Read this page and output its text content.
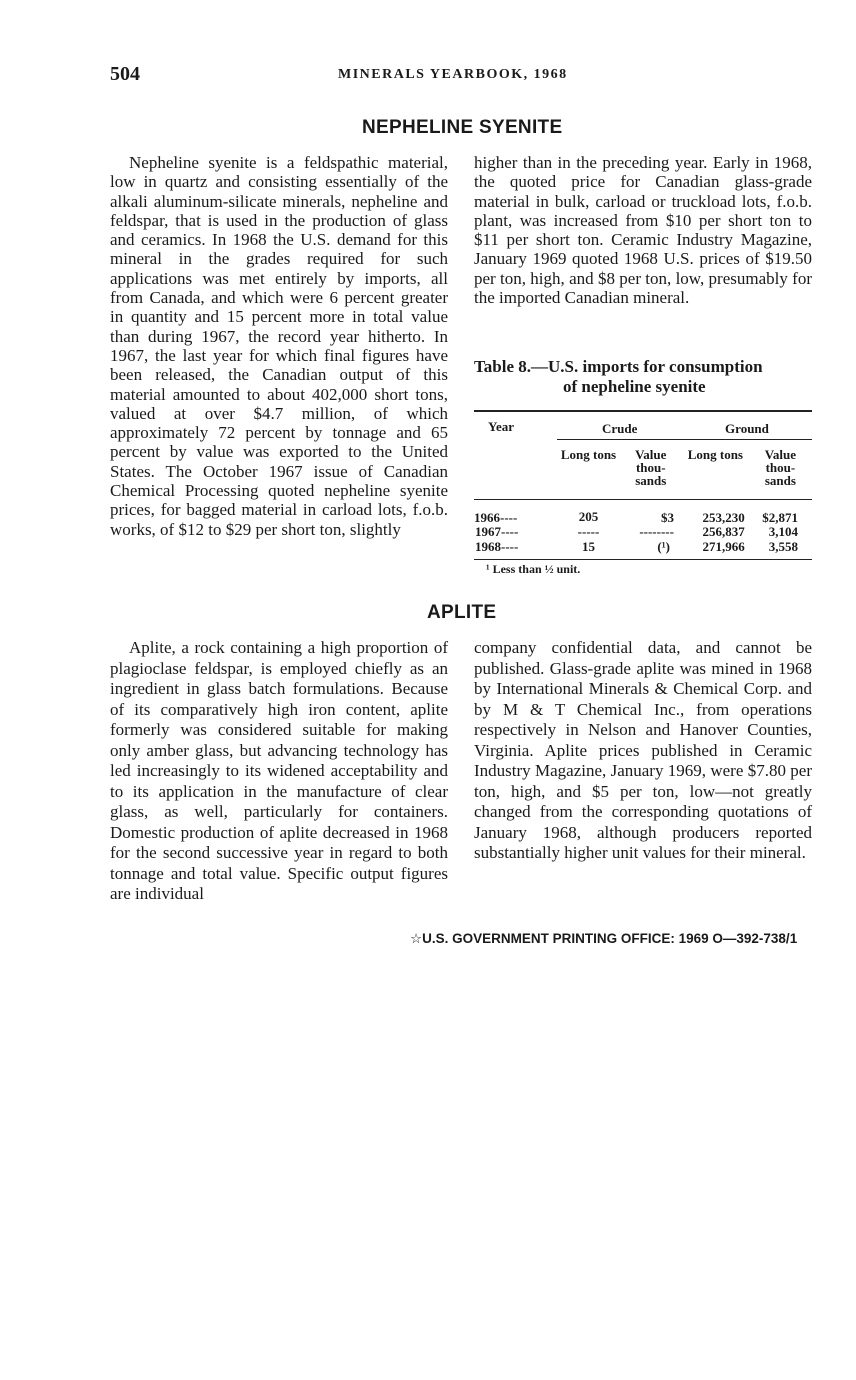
504	MINERALS YEARBOOK, 1968
NEPHELINE SYENITE

Nepheline syenite is a feldspathic material, low in quartz and consisting essentially of the alkali aluminum-silicate minerals, nepheline and feldspar, that is used in the production of glass and ceramics. In 1968 the U.S. demand for this mineral in the grades required for such applications was met entirely by imports, all from Canada, and which were 6 percent greater in quantity and 15 percent more in total value than during 1967, the record year hitherto. In 1967, the last year for which final figures have been released, the Canadian output of this material amounted to about 402,000 short tons, valued at over $4.7 million, of which approximately 72 percent by tonnage and 65 percent by value was exported to the United States. The October 1967 issue of Canadian Chemical Processing quoted nepheline syenite prices, for bagged material in carload lots, f.o.b. works, of $12 to $29 per short ton, slightly

higher than in the preceding year. Early in 1968, the quoted price for Canadian glass-grade material in bulk, carload or truckload lots, f.o.b. plant, was increased from $10 per short ton to $11 per short ton. Ceramic Industry Magazine, January 1969 quoted 1968 U.S. prices of $19.50 per ton, high, and $8 per ton, low, presumably for the imported Canadian mineral.

Table 8.—U.S. imports for consumption
of nepheline syenite
Year	Crude		Ground	
	Long tons	Value thou- sands	Long tons	Value thou- sands
1966----	205	$3	253,230	$2,871
1967----	-----	--------	256,837	3,104
1968----	15	(¹)	271,966	3,558
¹ Less than ½ unit.
APLITE

Aplite, a rock containing a high proportion of plagioclase feldspar, is employed chiefly as an ingredient in glass batch formulations. Because of its comparatively high iron content, aplite formerly was considered suitable for making only amber glass, but advancing technology has led increasingly to its widened acceptability and to its application in the manufacture of clear glass, as well, particularly for containers. Domestic production of aplite decreased in 1968 for the second successive year in regard to both tonnage and total value. Specific output figures are individual

company confidential data, and cannot be published. Glass-grade aplite was mined in 1968 by International Minerals & Chemical Corp. and by M & T Chemical Inc., from operations respectively in Nelson and Hanover Counties, Virginia. Aplite prices published in Ceramic Industry Magazine, January 1969, were $7.80 per ton, high, and $5 per ton, low—not greatly changed from the corresponding quotations of January 1968, although producers reported substantially higher unit values for their mineral.

☆U.S. GOVERNMENT PRINTING OFFICE: 1969 O—392-738/1
